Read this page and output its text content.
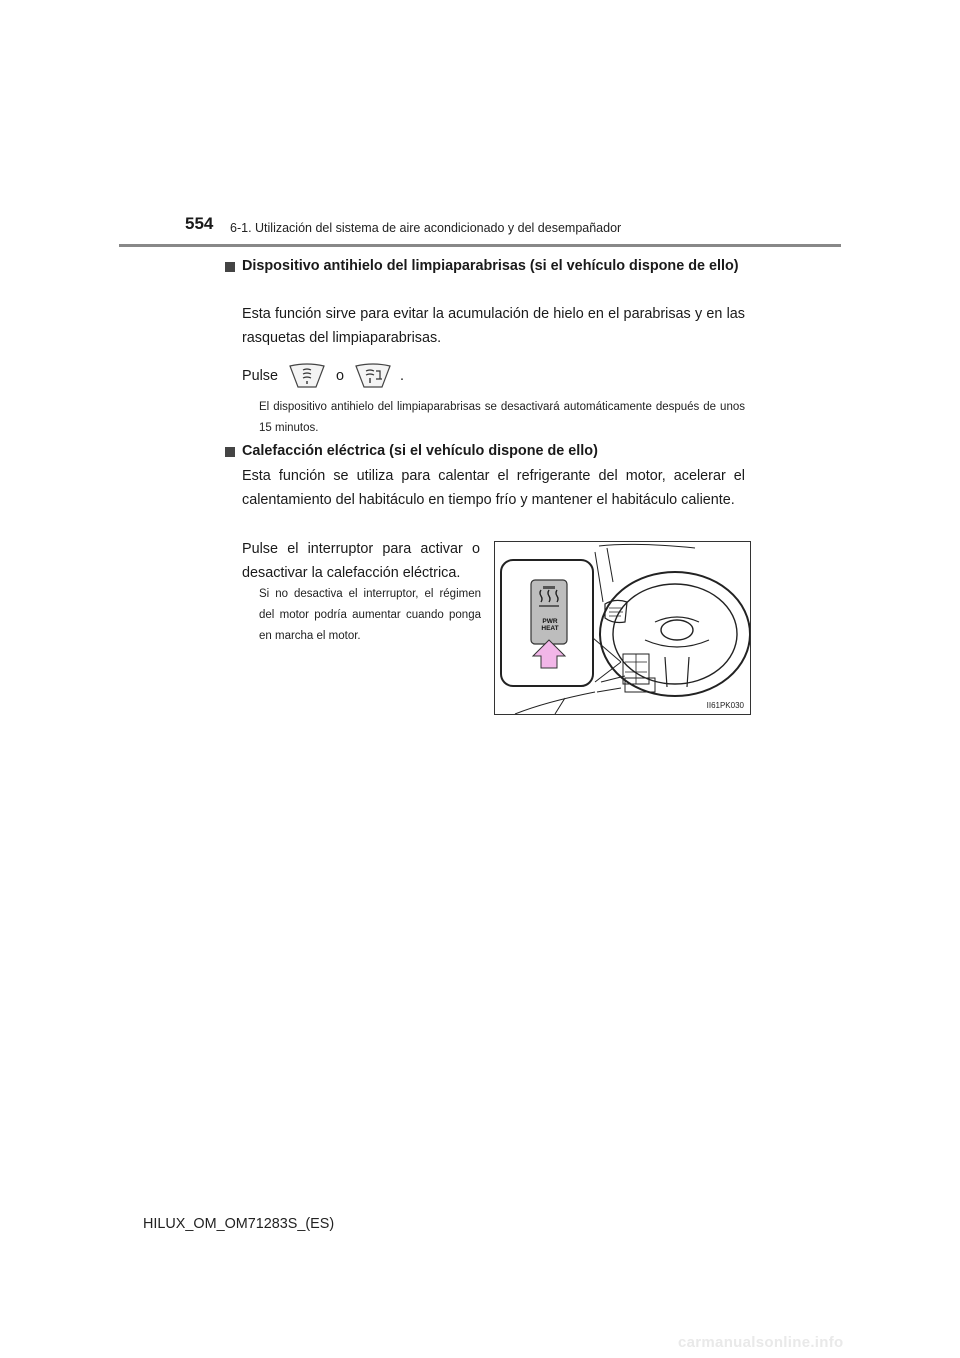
554 6-1. Utilización del sistema de aire acondicionado y del desempañador
Dispositivo antihielo del limpiaparabrisas (si el vehículo dispone de ello)
Esta función sirve para evitar la acumulación de hielo en el parabrisas y en las rasquetas del limpiaparabrisas.
Pulse	o	.
El dispositivo antihielo del limpiaparabrisas se desactivará automáticamente después de unos 15 minutos.
Calefacción eléctrica (si el vehículo dispone de ello)
Esta función se utiliza para calentar el refrigerante del motor, acelerar el calentamiento del habitáculo en tiempo frío y mantener el habitáculo caliente.
Pulse el interruptor para activar o desactivar la calefacción eléctrica.
Si no desactiva el interruptor, el régimen del motor podría aumentar cuando ponga en marcha el motor.
PWR
HEAT
II61PK030
HILUX_OM_OM71283S_(ES)
carmanualsonline.info
